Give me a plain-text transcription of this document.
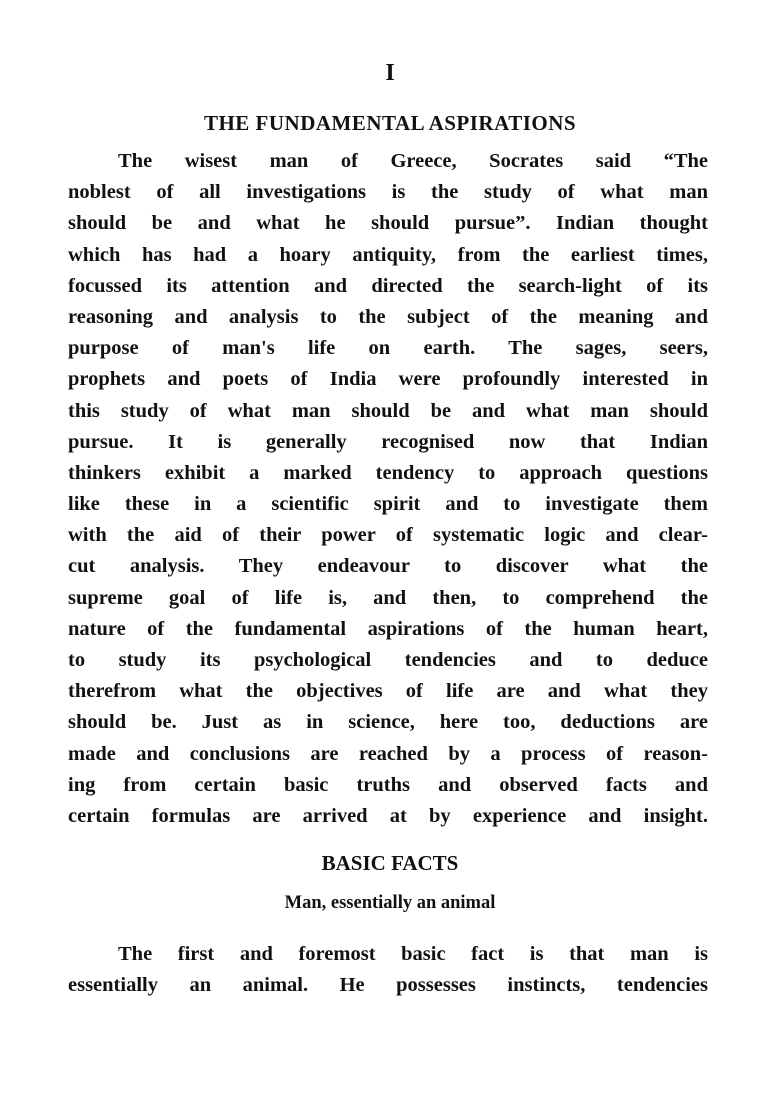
I
THE FUNDAMENTAL ASPIRATIONS
The wisest man of Greece, Socrates said “The
noblest of all investigations is the study of what man
should be and what he should pursue”. Indian thought
which has had a hoary antiquity, from the earliest times,
focussed its attention and directed the search-light of its
reasoning and analysis to the subject of the meaning and
purpose of man's life on earth. The sages, seers,
prophets and poets of India were profoundly interested in
this study of what man should be and what man should
pursue. It is generally recognised now that Indian
thinkers exhibit a marked tendency to approach questions
like these in a scientific spirit and to investigate them
with the aid of their power of systematic logic and clear-
cut analysis. They endeavour to discover what the
supreme goal of life is, and then, to comprehend the
nature of the fundamental aspirations of the human heart,
to study its psychological tendencies and to deduce
therefrom what the objectives of life are and what they
should be. Just as in science, here too, deductions are
made and conclusions are reached by a process of reason-
ing from certain basic truths and observed facts and
certain formulas are arrived at by experience and insight.
BASIC FACTS
Man, essentially an animal
The first and foremost basic fact is that man is
essentially an animal. He possesses instincts, tendencies
